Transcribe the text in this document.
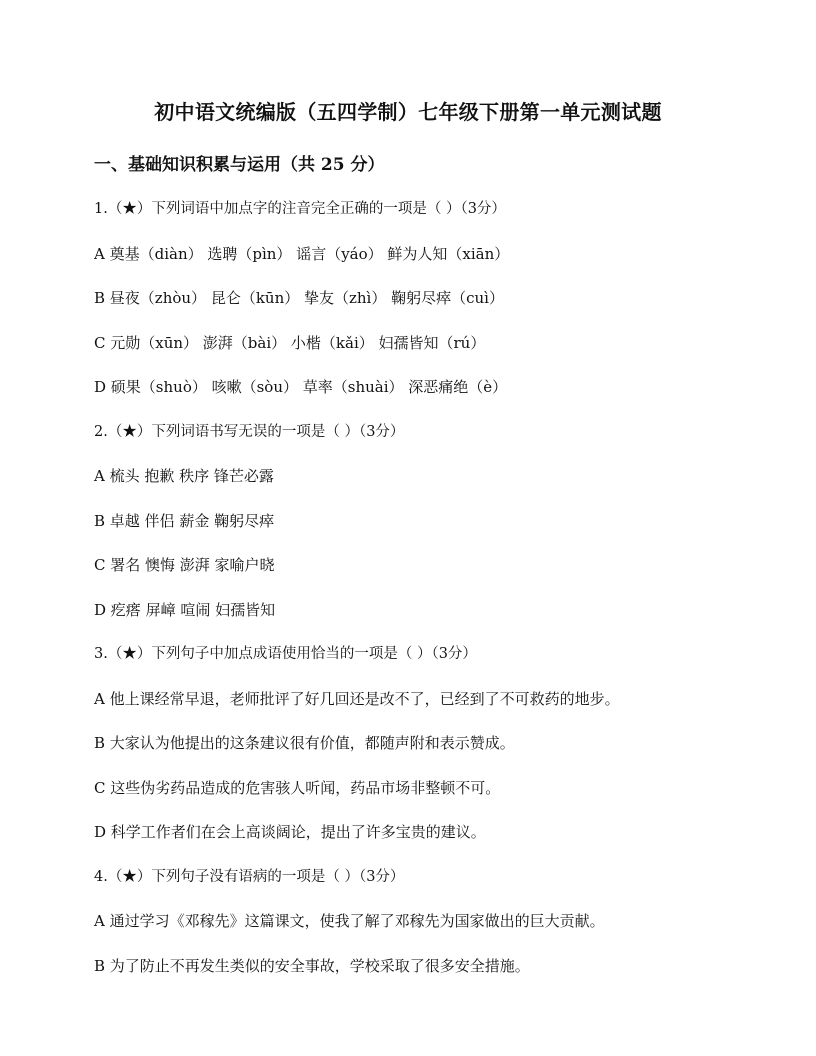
初中语文统编版（五四学制）七年级下册第一单元测试题
一、基础知识积累与运用（共 25 分）
1.（★）下列词语中加点字的注音完全正确的一项是（ ）（3分）
A 奠基（diàn） 选聘（pìn） 谣言（yáo） 鲜为人知（xiān）
B 昼夜（zhòu） 昆仑（kūn） 挚友（zhì） 鞠躬尽瘁（cuì）
C 元勋（xūn） 澎湃（bài） 小楷（kǎi） 妇孺皆知（rú）
D 硕果（shuò） 咳嗽（sòu） 草率（shuài） 深恶痛绝（è）
2.（★）下列词语书写无误的一项是（ ）（3分）
A 梳头 抱歉 秩序 锋芒必露
B 卓越 伴侣 薪金 鞠躬尽瘁
C 署名 懊悔 澎湃 家喻户晓
D 疙瘩 屏嶂 喧闹 妇孺皆知
3.（★）下列句子中加点成语使用恰当的一项是（ ）（3分）
A 他上课经常早退，老师批评了好几回还是改不了，已经到了不可救药的地步。
B 大家认为他提出的这条建议很有价值，都随声附和表示赞成。
C 这些伪劣药品造成的危害骇人听闻，药品市场非整顿不可。
D 科学工作者们在会上高谈阔论，提出了许多宝贵的建议。
4.（★）下列句子没有语病的一项是（ ）（3分）
A 通过学习《邓稼先》这篇课文，使我了解了邓稼先为国家做出的巨大贡献。
B 为了防止不再发生类似的安全事故，学校采取了很多安全措施。
